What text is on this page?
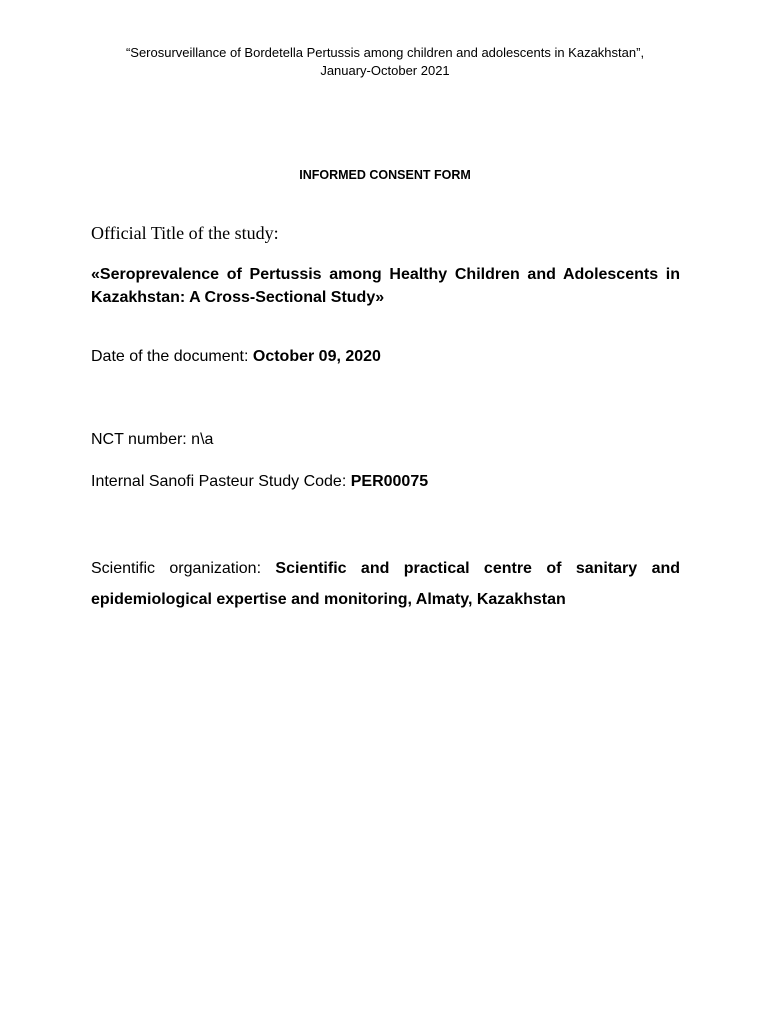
“Serosurveillance of Bordetella Pertussis among children and adolescents in Kazakhstan”,
January-October 2021
INFORMED CONSENT FORM
Official Title of the study:
«Seroprevalence of Pertussis among Healthy Children and Adolescents in Kazakhstan: A Cross-Sectional Study»
Date of the document: October 09, 2020
NCT number: n\a
Internal Sanofi Pasteur Study Code: PER00075
Scientific organization: Scientific and practical centre of sanitary and epidemiological expertise and monitoring, Almaty, Kazakhstan
